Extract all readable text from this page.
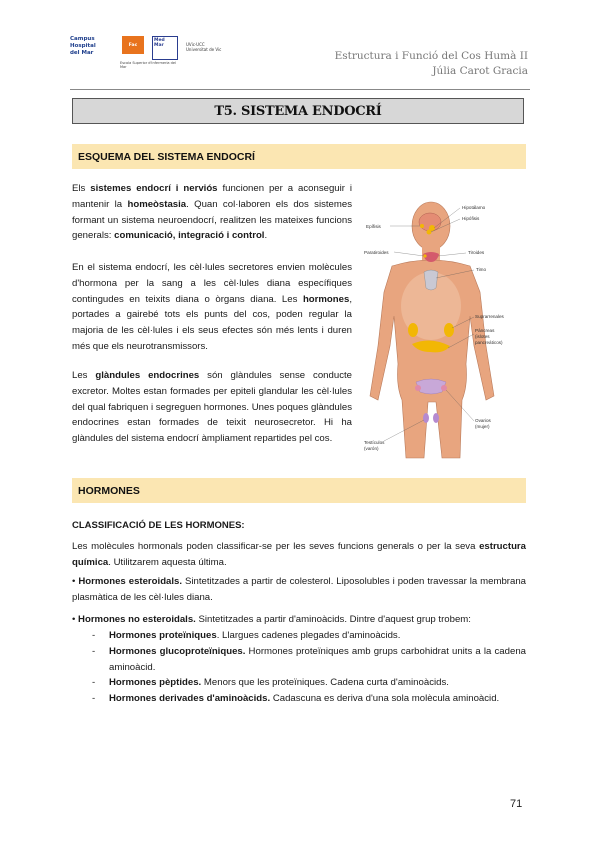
Campus
Hospital
del Mar
Fac
Med
Mar	UVic·UCC Universitat de Vic
Escola Superior d'Infermeria del Mar
Estructura i Funció del Cos Humà II
Júlia Carot Gracia
T5. SISTEMA ENDOCRÍ
ESQUEMA DEL SISTEMA ENDOCRÍ
Els sistemes endocrí i nerviós funcionen per a aconseguir i mantenir la homeòstasia. Quan col·laboren els dos sistemes formant un sistema neuroendocrí, realitzen les mateixes funcions generals: comunicació, integració i control.
En el sistema endocrí, les cèl·lules secretores envien molècules d'hormona per la sang a les cèl·lules diana específiques contingudes en teixits diana o òrgans diana. Les hormones, portades a gairebé tots els punts del cos, poden regular la majoria de les cèl·lules i els seus efectes són més lents i duren més que els neurotransmissors.
Les glàndules endocrines són glàndules sense conducte excretor. Moltes estan formades per epiteli glandular les cèl·lules del qual fabriquen i segreguen hormones. Unes poques glàndules endocrines estan formades de teixit neurosecretor. Hi ha glàndules del sistema endocrí àmpliament repartides pel cos.
Hipotálamo
Hipófisis
Epífisis
Paratiroides	Tiroides
Timo
Suprarrenales
Páncreas
(islotes
pancreáticos)
Ovarios
(mujer)
Testículos
(varón)
HORMONES
CLASSIFICACIÓ DE LES HORMONES:
Les molècules hormonals poden classificar-se per les seves funcions generals o per la seva estructura química. Utilitzarem aquesta última.
• Hormones esteroidals. Sintetitzades a partir de colesterol. Liposolubles i poden travessar la membrana plasmàtica de les cèl·lules diana.
• Hormones no esteroidals. Sintetitzades a partir d'aminoàcids. Dintre d'aquest grup trobem:
- Hormones proteïniques. Llargues cadenes plegades d'aminoàcids.
- Hormones glucoproteïniques. Hormones proteïniques amb grups carbohidrat units a la cadena aminoàcid.
- Hormones pèptides. Menors que les proteïniques. Cadena curta d'aminoàcids.
- Hormones derivades d'aminoàcids. Cadascuna es deriva d'una sola molècula aminoàcid.
71
